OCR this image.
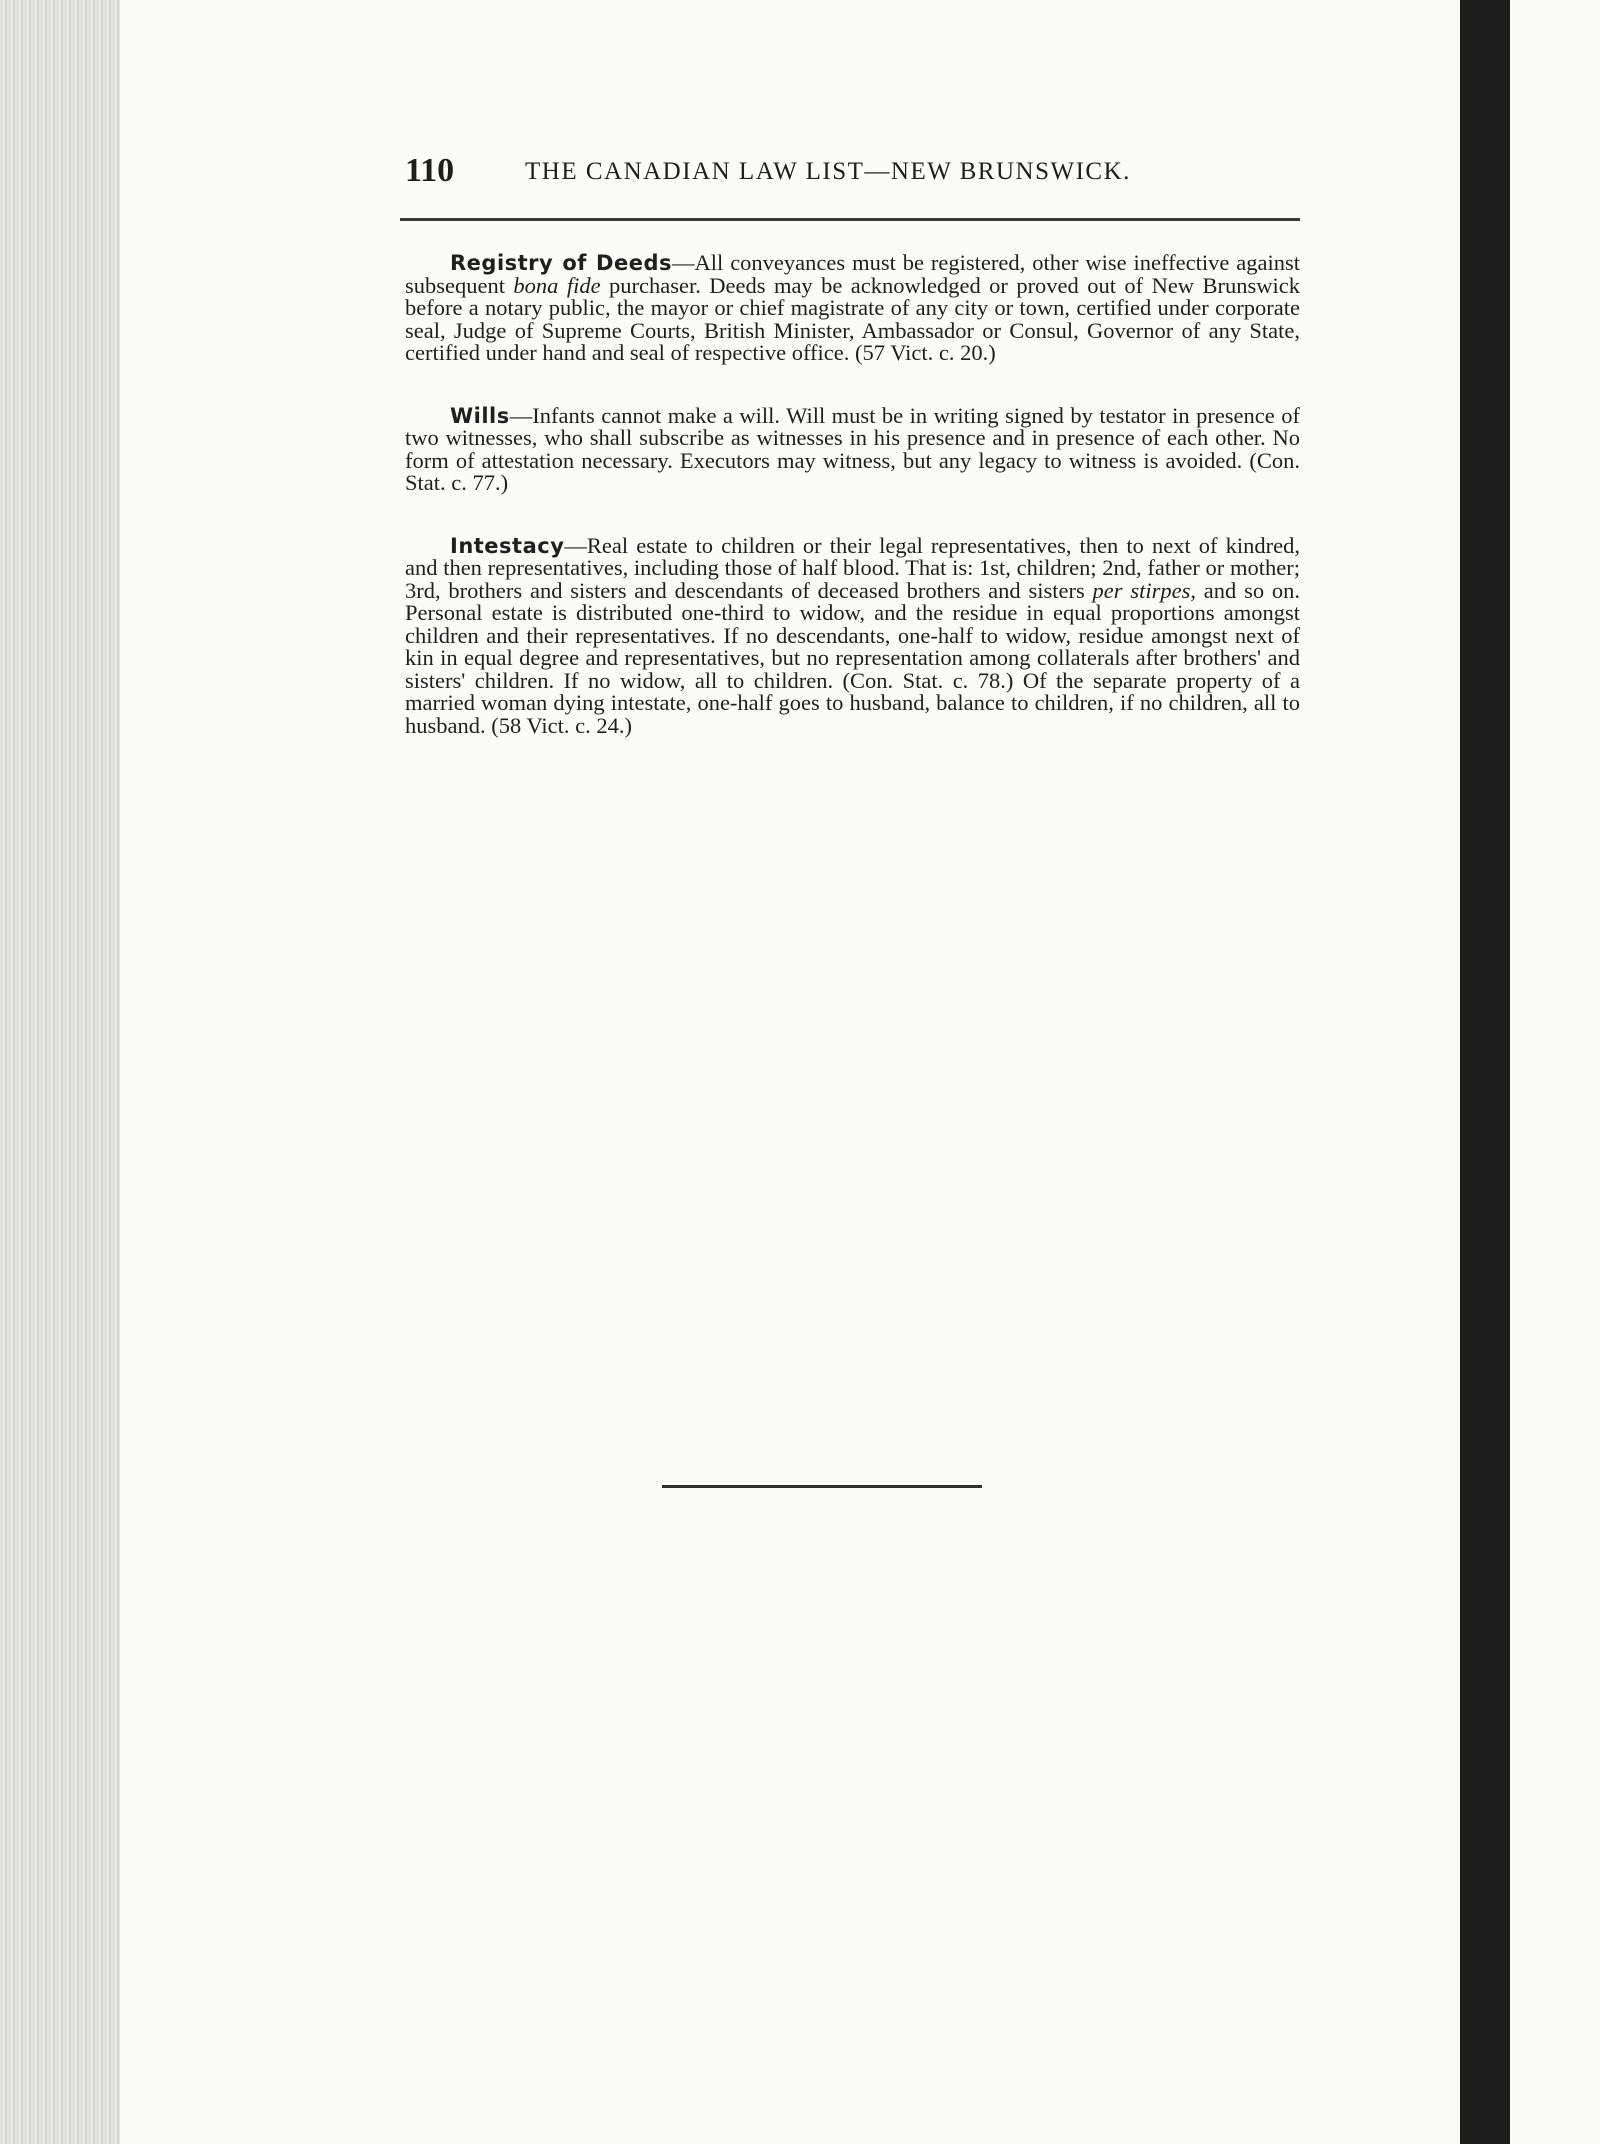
110	THE CANADIAN LAW LIST—NEW BRUNSWICK.

Registry of Deeds—All conveyances must be registered, other wise ineffective against subsequent bona fide purchaser. Deeds may be acknowledged or proved out of New Brunswick before a notary public, the mayor or chief magistrate of any city or town, certified under corporate seal, Judge of Supreme Courts, British Minister, Ambassador or Consul, Governor of any State, certified under hand and seal of respective office. (57 Vict. c. 20.)

Wills—Infants cannot make a will. Will must be in writing signed by testator in presence of two witnesses, who shall subscribe as witnesses in his presence and in presence of each other. No form of attestation necessary. Executors may witness, but any legacy to witness is avoided. (Con. Stat. c. 77.)

Intestacy—Real estate to children or their legal representatives, then to next of kindred, and then representatives, including those of half blood. That is: 1st, children; 2nd, father or mother; 3rd, brothers and sisters and descendants of deceased brothers and sisters per stirpes, and so on. Personal estate is distributed one-third to widow, and the residue in equal proportions amongst children and their representatives. If no descendants, one-half to widow, residue amongst next of kin in equal degree and representatives, but no representation among collaterals after brothers' and sisters' children. If no widow, all to children. (Con. Stat. c. 78.) Of the separate property of a married woman dying intestate, one-half goes to husband, balance to children, if no children, all to husband. (58 Vict. c. 24.)
